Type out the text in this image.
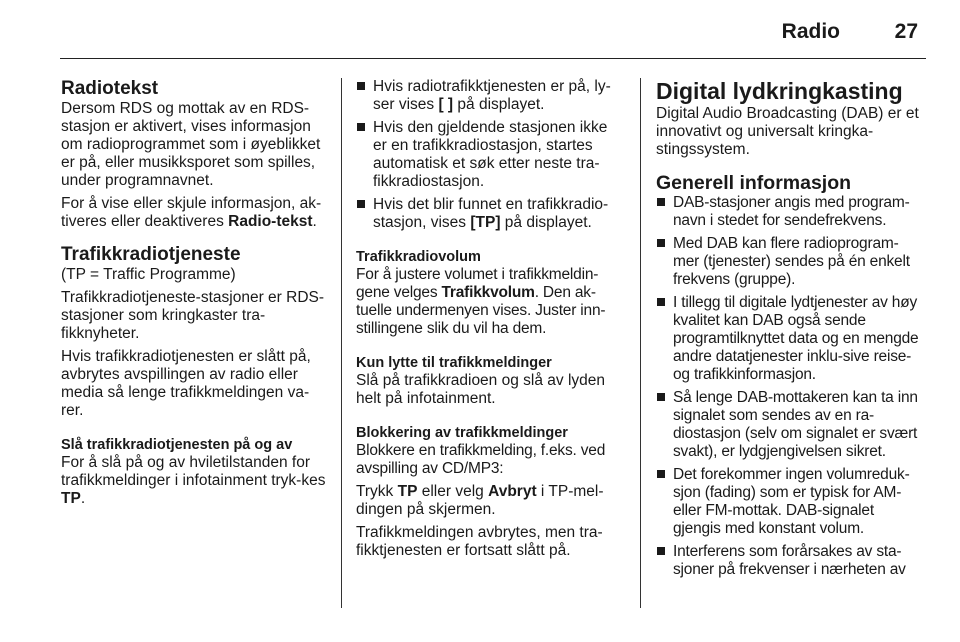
Radio	27
Radiotekst

Dersom RDS og mottak av en RDS-stasjon er aktivert, vises informasjon om radioprogrammet som i øyeblikket er på, eller musikksporet som spilles, under programnavnet.

For å vise eller skjule informasjon, ak-tiveres eller deaktiveres Radio-tekst.

Trafikkradiotjeneste

(TP = Traffic Programme)

Trafikkradiotjeneste-stasjoner er RDS-stasjoner som kringkaster tra-fikknyheter.

Hvis trafikkradiotjenesten er slått på, avbrytes avspillingen av radio eller media så lenge trafikkmeldingen va-rer.

Slå trafikkradiotjenesten på og av

For å slå på og av hviletilstanden for trafikkmeldinger i infotainment tryk-kes TP.

Hvis radiotrafikktjenesten er på, ly-ser vises [ ] på displayet.
Hvis den gjeldende stasjonen ikke er en trafikkradiostasjon, startes automatisk et søk etter neste tra-fikkradiostasjon.
Hvis det blir funnet en trafikkradio-stasjon, vises [TP] på displayet.
Trafikkradiovolum

For å justere volumet i trafikkmeldin-gene velges Trafikkvolum. Den ak-tuelle undermenyen vises. Juster inn-stillingene slik du vil ha dem.

Kun lytte til trafikkmeldinger

Slå på trafikkradioen og slå av lyden helt på infotainment.

Blokkering av trafikkmeldinger

Blokkere en trafikkmelding, f.eks. ved avspilling av CD/MP3:

Trykk TP eller velg Avbryt i TP-mel-dingen på skjermen.

Trafikkmeldingen avbrytes, men tra-fikktjenesten er fortsatt slått på.

Digital lydkringkasting

Digital Audio Broadcasting (DAB) er et innovativt og universalt kringka-stingssystem.

Generell informasjon
DAB-stasjoner angis med program-navn i stedet for sendefrekvens.
Med DAB kan flere radioprogram-mer (tjenester) sendes på én enkelt frekvens (gruppe).
I tillegg til digitale lydtjenester av høy kvalitet kan DAB også sende programtilknyttet data og en mengde andre datatjenester inklu-sive reise- og trafikkinformasjon.
Så lenge DAB-mottakeren kan ta inn signalet som sendes av en ra-diostasjon (selv om signalet er svært svakt), er lydgjengivelsen sikret.
Det forekommer ingen volumreduk-sjon (fading) som er typisk for AM-eller FM-mottak. DAB-signalet gjengis med konstant volum.
Interferens som forårsakes av sta-sjoner på frekvenser i nærheten av
